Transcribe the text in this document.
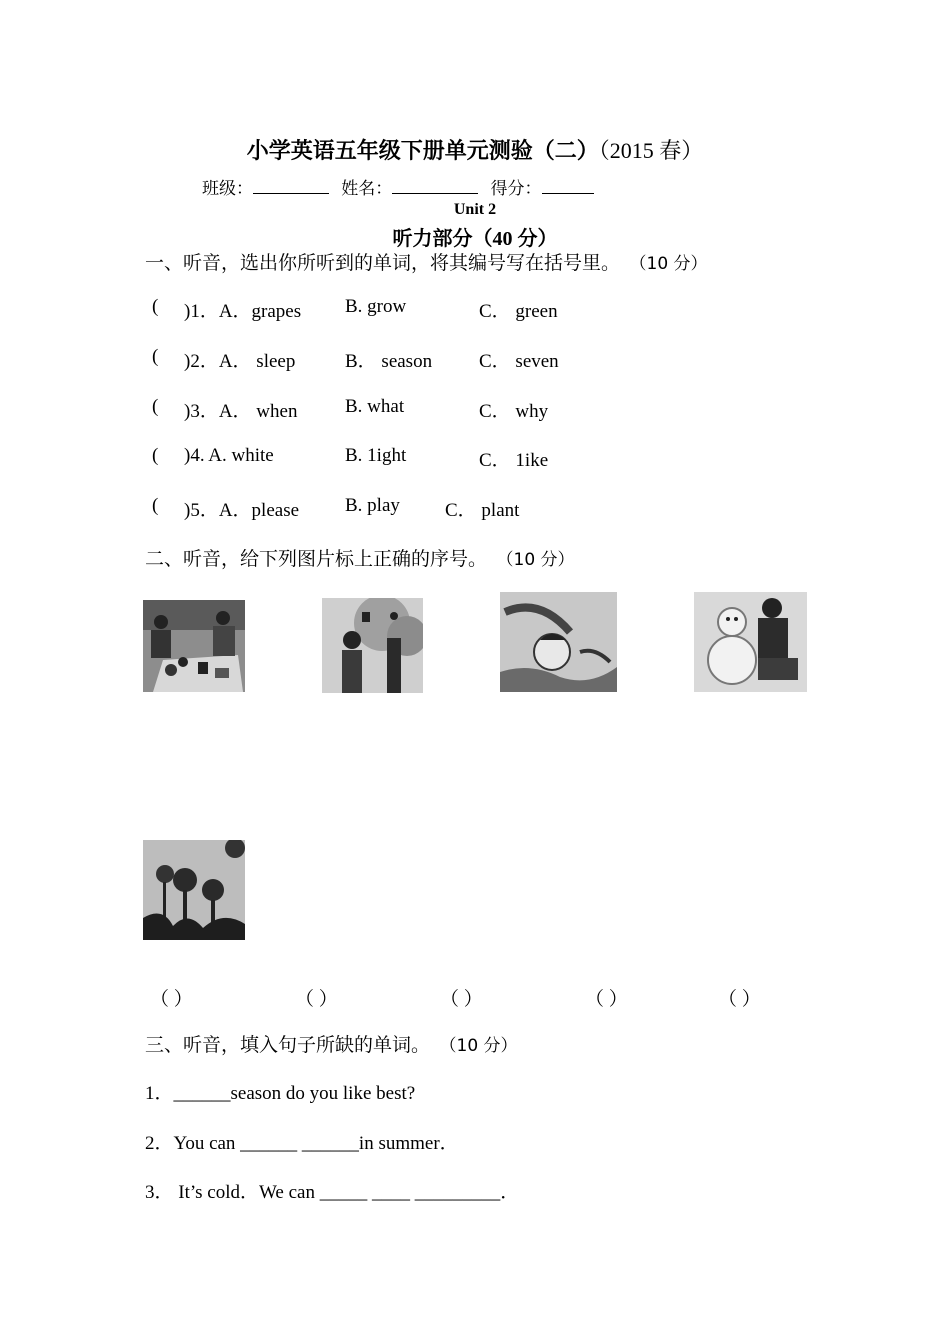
小学英语五年级下册单元测验（二）（2015 春）
班级：	姓名：	得分：
Unit 2
听力部分（40 分）
一、听音，选出你所听到的单词，将其编号写在括号里。 （10 分）
( )1．A．grapes B. grow	C． green
( )2．A． sleep	B． season C． seven
( )3．A． when	B. what	C． why
( )4. A. white	B. 1ight	C． 1ike
( )5．A．please B. play C． plant
二、听音，给下列图片标上正确的序号。 （10 分）
（ ）	（ ）	（ ）	（ ）	（ ）
三、听音，填入句子所缺的单词。 （10 分）
1．______season do you like best?
2．You can ______ ______in summer．
3． It’s cold．We can _____ ____ _________．
